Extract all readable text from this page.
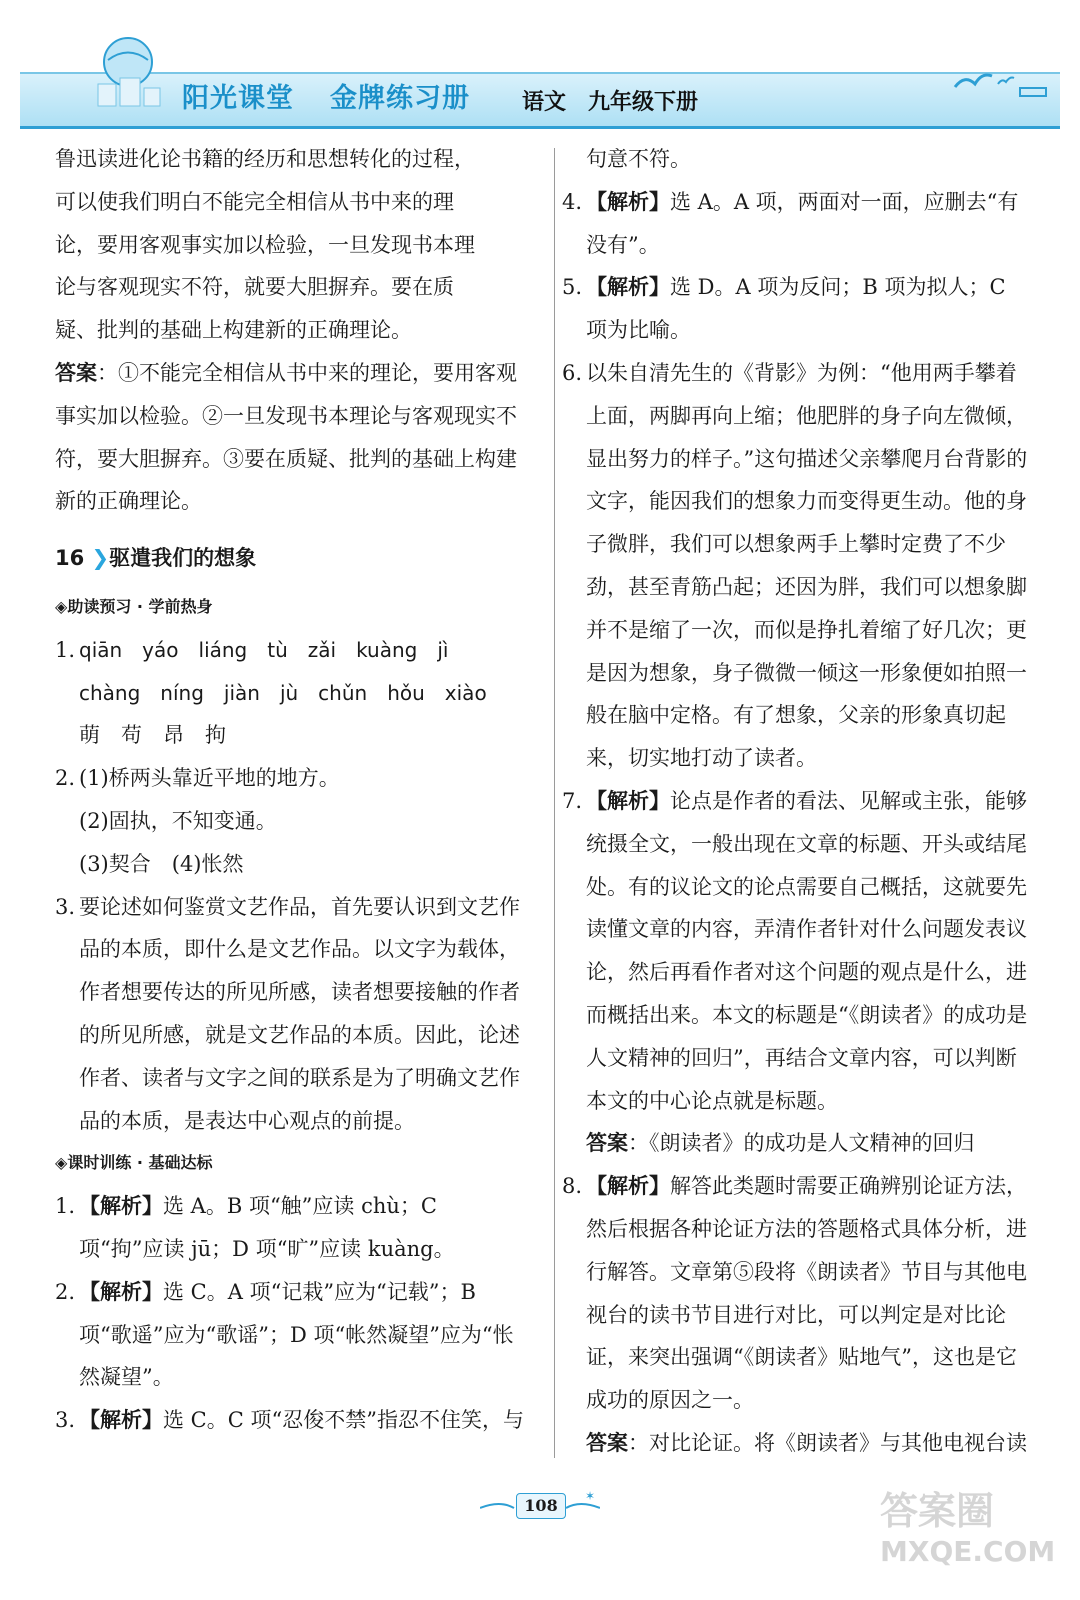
阳光课堂 金牌练习册 语文　九年级下册

鲁迅读进化论书籍的经历和思想转化的过程，

可以使我们明白不能完全相信从书中来的理

论，要用客观事实加以检验，一旦发现书本理

论与客观现实不符，就要大胆摒弃。要在质

疑、批判的基础上构建新的正确理论。

答案：①不能完全相信从书中来的理论，要用客观事实加以检验。②一旦发现书本理论与客观现实不符，要大胆摒弃。③要在质疑、批判的基础上构建新的正确理论。

16 ❯驱遣我们的想象

◈助读预习 · 学前热身

1. qiān　yáo　liáng　tù　zǎi　kuàng　jì
chàng　níng　jiàn　jù　chǔn　hǒu　xiào
萌　苟　昂　拘
2. (1)桥两头靠近平地的地方。
(2)固执，不知变通。
(3)契合　(4)怅然
3. 要论述如何鉴赏文艺作品，首先要认识到文艺作品的本质，即什么是文艺作品。以文字为载体，作者想要传达的所见所感，读者想要接触的作者的所见所感，就是文艺作品的本质。因此，论述作者、读者与文字之间的联系是为了明确文艺作品的本质，是表达中心观点的前提。

◈课时训练 · 基础达标

1. 【解析】选 A。B 项“触”应读 chù；C 项“拘”应读 jū；D 项“旷”应读 kuàng。
2. 【解析】选 C。A 项“记栽”应为“记载”；B 项“歌遥”应为“歌谣”；D 项“帐然凝望”应为“怅然凝望”。
3. 【解析】选 C。C 项“忍俊不禁”指忍不住笑，与
句意不符。
4. 【解析】选 A。A 项，两面对一面，应删去“有没有”。
5. 【解析】选 D。A 项为反问；B 项为拟人；C 项为比喻。
6. 以朱自清先生的《背影》为例：“他用两手攀着上面，两脚再向上缩；他肥胖的身子向左微倾，显出努力的样子。”这句描述父亲攀爬月台背影的文字，能因我们的想象力而变得更生动。他的身子微胖，我们可以想象两手上攀时定费了不少劲，甚至青筋凸起；还因为胖，我们可以想象脚并不是缩了一次，而似是挣扎着缩了好几次；更是因为想象，身子微微一倾这一形象便如拍照一般在脑中定格。有了想象，父亲的形象真切起来，切实地打动了读者。
7. 【解析】论点是作者的看法、见解或主张，能够统摄全文，一般出现在文章的标题、开头或结尾处。有的议论文的论点需要自己概括，这就要先读懂文章的内容，弄清作者针对什么问题发表议论，然后再看作者对这个问题的观点是什么，进而概括出来。本文的标题是“《朗读者》的成功是人文精神的回归”，再结合文章内容，可以判断本文的中心论点就是标题。
答案：《朗读者》的成功是人文精神的回归
8. 【解析】解答此类题时需要正确辨别论证方法，然后根据各种论证方法的答题格式具体分析，进行解答。文章第⑤段将《朗读者》节目与其他电视台的读书节目进行对比，可以判定是对比论证，来突出强调“《朗读者》贴地气”，这也是它成功的原因之一。
答案：对比论证。将《朗读者》与其他电视台读
✶
108	答案圈
MXQE.COM
